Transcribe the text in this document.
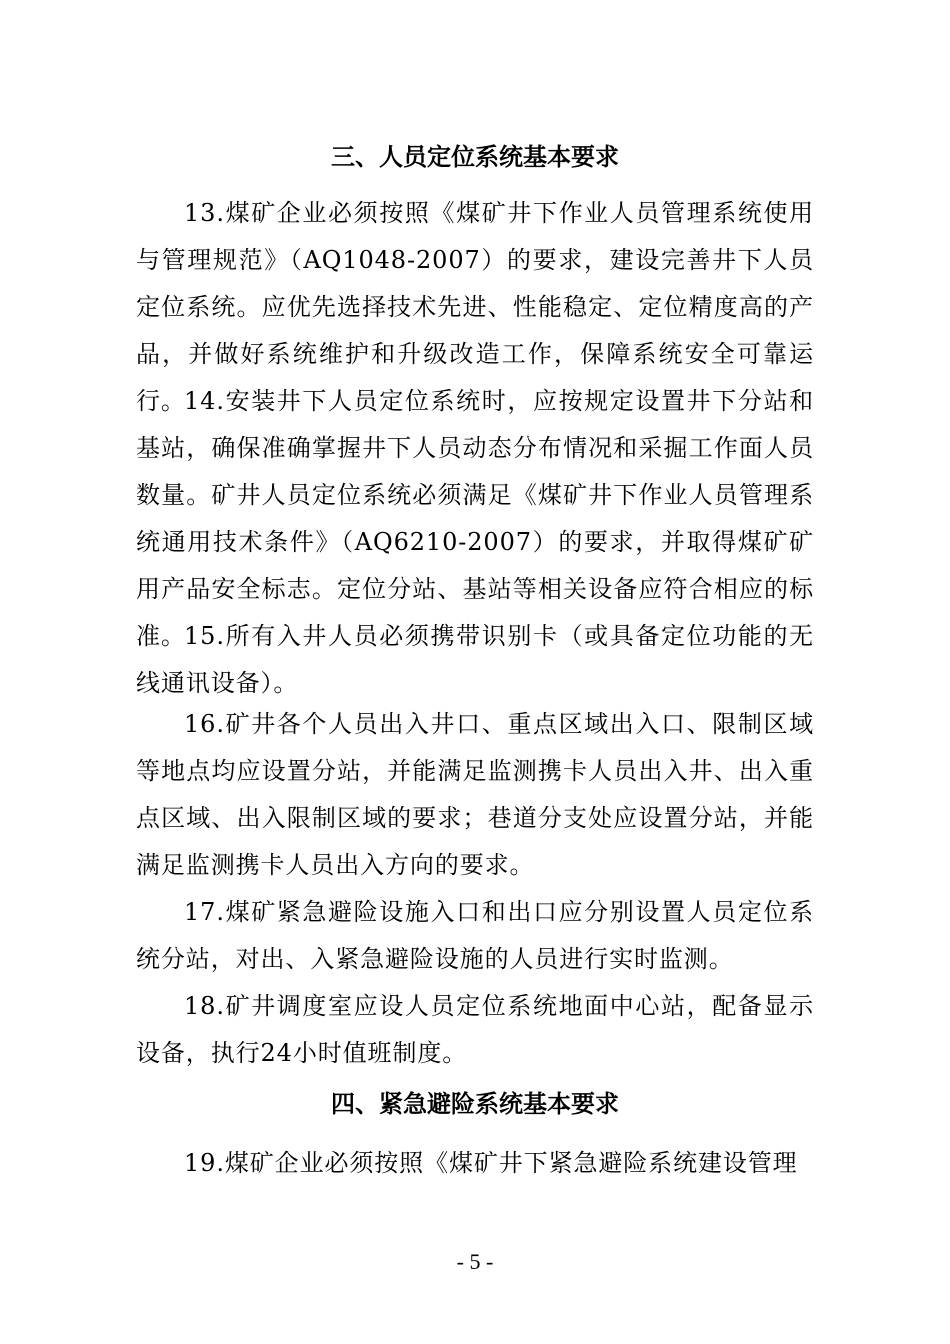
三、人员定位系统基本要求

13.煤矿企业必须按照《煤矿井下作业人员管理系统使用与管理规范》（AQ1048-2007）的要求，建设完善井下人员定位系统。应优先选择技术先进、性能稳定、定位精度高的产品，并做好系统维护和升级改造工作，保障系统安全可靠运行。

14.安装井下人员定位系统时，应按规定设置井下分站和基站，确保准确掌握井下人员动态分布情况和采掘工作面人员数量。矿井人员定位系统必须满足《煤矿井下作业人员管理系统通用技术条件》（AQ6210-2007）的要求，并取得煤矿矿用产品安全标志。定位分站、基站等相关设备应符合相应的标准。

15.所有入井人员必须携带识别卡（或具备定位功能的无线通讯设备）。

16.矿井各个人员出入井口、重点区域出入口、限制区域等地点均应设置分站，并能满足监测携卡人员出入井、出入重点区域、出入限制区域的要求；巷道分支处应设置分站，并能满足监测携卡人员出入方向的要求。

17.煤矿紧急避险设施入口和出口应分别设置人员定位系统分站，对出、入紧急避险设施的人员进行实时监测。

18.矿井调度室应设人员定位系统地面中心站，配备显示设备，执行24小时值班制度。

四、紧急避险系统基本要求

19.煤矿企业必须按照《煤矿井下紧急避险系统建设管理

- 5 -
